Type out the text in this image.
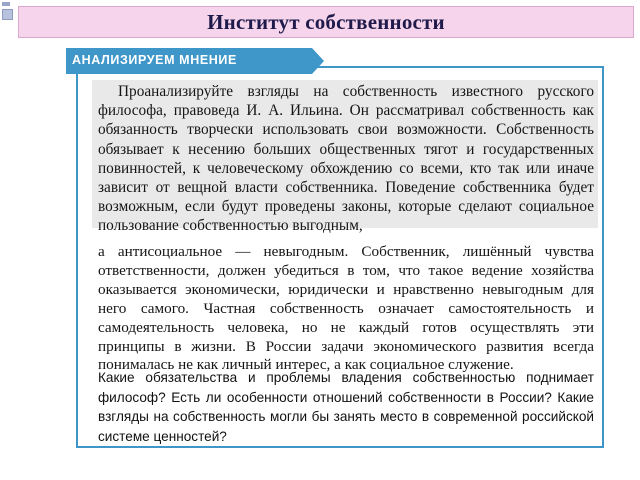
Институт собственности
АНАЛИЗИРУЕМ МНЕНИЕ

Проанализируйте взгляды на собственность известного русского философа, правоведа И. А. Ильина. Он рассматривал собственность как обязанность творчески использовать свои возможности. Собственность обязывает к несению больших общественных тягот и государственных повинностей, к человеческому обхождению со всеми, кто так или иначе зависит от вещной власти собственника. Поведение собственника будет возможным, если будут проведены законы, которые сделают социальное пользование собственностью выгодным,

а антисоциальное — невыгодным. Собственник, лишённый чувства ответственности, должен убедиться в том, что такое ведение хозяйства оказывается экономически, юридически и нравственно невыгодным для него самого. Частная собственность означает самостоятельность и самодеятельность человека, но не каждый готов осуществлять эти принципы в жизни. В России задачи экономического развития всегда понималась не как личный интерес, а как социальное служение.

Какие обязательства и проблемы владения собственностью поднимает философ? Есть ли особенности отношений собственности в России? Какие взгляды на собственность могли бы занять место в современной российской системе ценностей?
